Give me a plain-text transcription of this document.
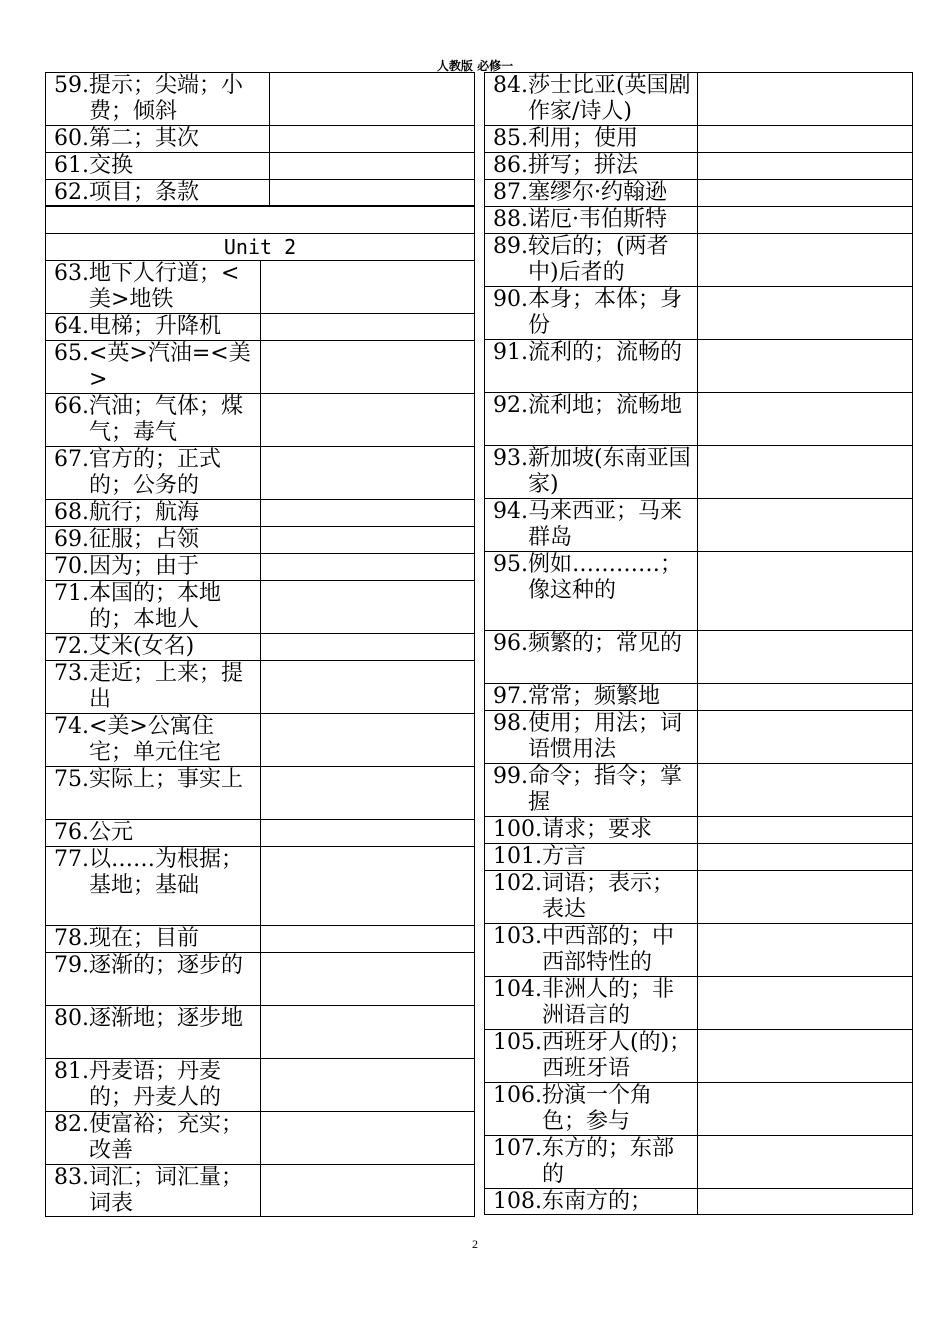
人教版 必修一
59. 提示；尖端；小费；倾斜
60. 第二；其次
61. 交换
62. 项目；条款
Unit 2
63. 地下人行道；<美>地铁
64. 电梯；升降机
65. <英>汽油=<美>
66. 汽油；气体；煤气；毒气
67. 官方的；正式的；公务的
68. 航行；航海
69. 征服；占领
70. 因为；由于
71. 本国的；本地的；本地人
72. 艾米(女名)
73. 走近；上来；提出
74. <美>公寓住宅；单元住宅
75. 实际上；事实上
76. 公元
77. 以……为根据；基地；基础
78. 现在；目前
79. 逐渐的；逐步的
80. 逐渐地；逐步地
81. 丹麦语；丹麦的；丹麦人的
82. 使富裕；充实；改善
83. 词汇；词汇量；词表
84. 莎士比亚(英国剧作家/诗人)
85. 利用；使用
86. 拼写；拼法
87. 塞缪尔·约翰逊
88. 诺厄·韦伯斯特
89. 较后的；(两者中)后者的
90. 本身；本体；身份
91. 流利的；流畅的
92. 流利地；流畅地
93. 新加坡(东南亚国家)
94. 马来西亚；马来群岛
95. 例如…………；像这种的
96. 频繁的；常见的
97. 常常；频繁地
98. 使用；用法；词语惯用法
99. 命令；指令；掌握
100. 请求；要求
101. 方言
102. 词语；表示；表达
103. 中西部的；中西部特性的
104. 非洲人的；非洲语言的
105. 西班牙人(的)；西班牙语
106. 扮演一个角色；参与
107. 东方的；东部的
108. 东南方的；
2
